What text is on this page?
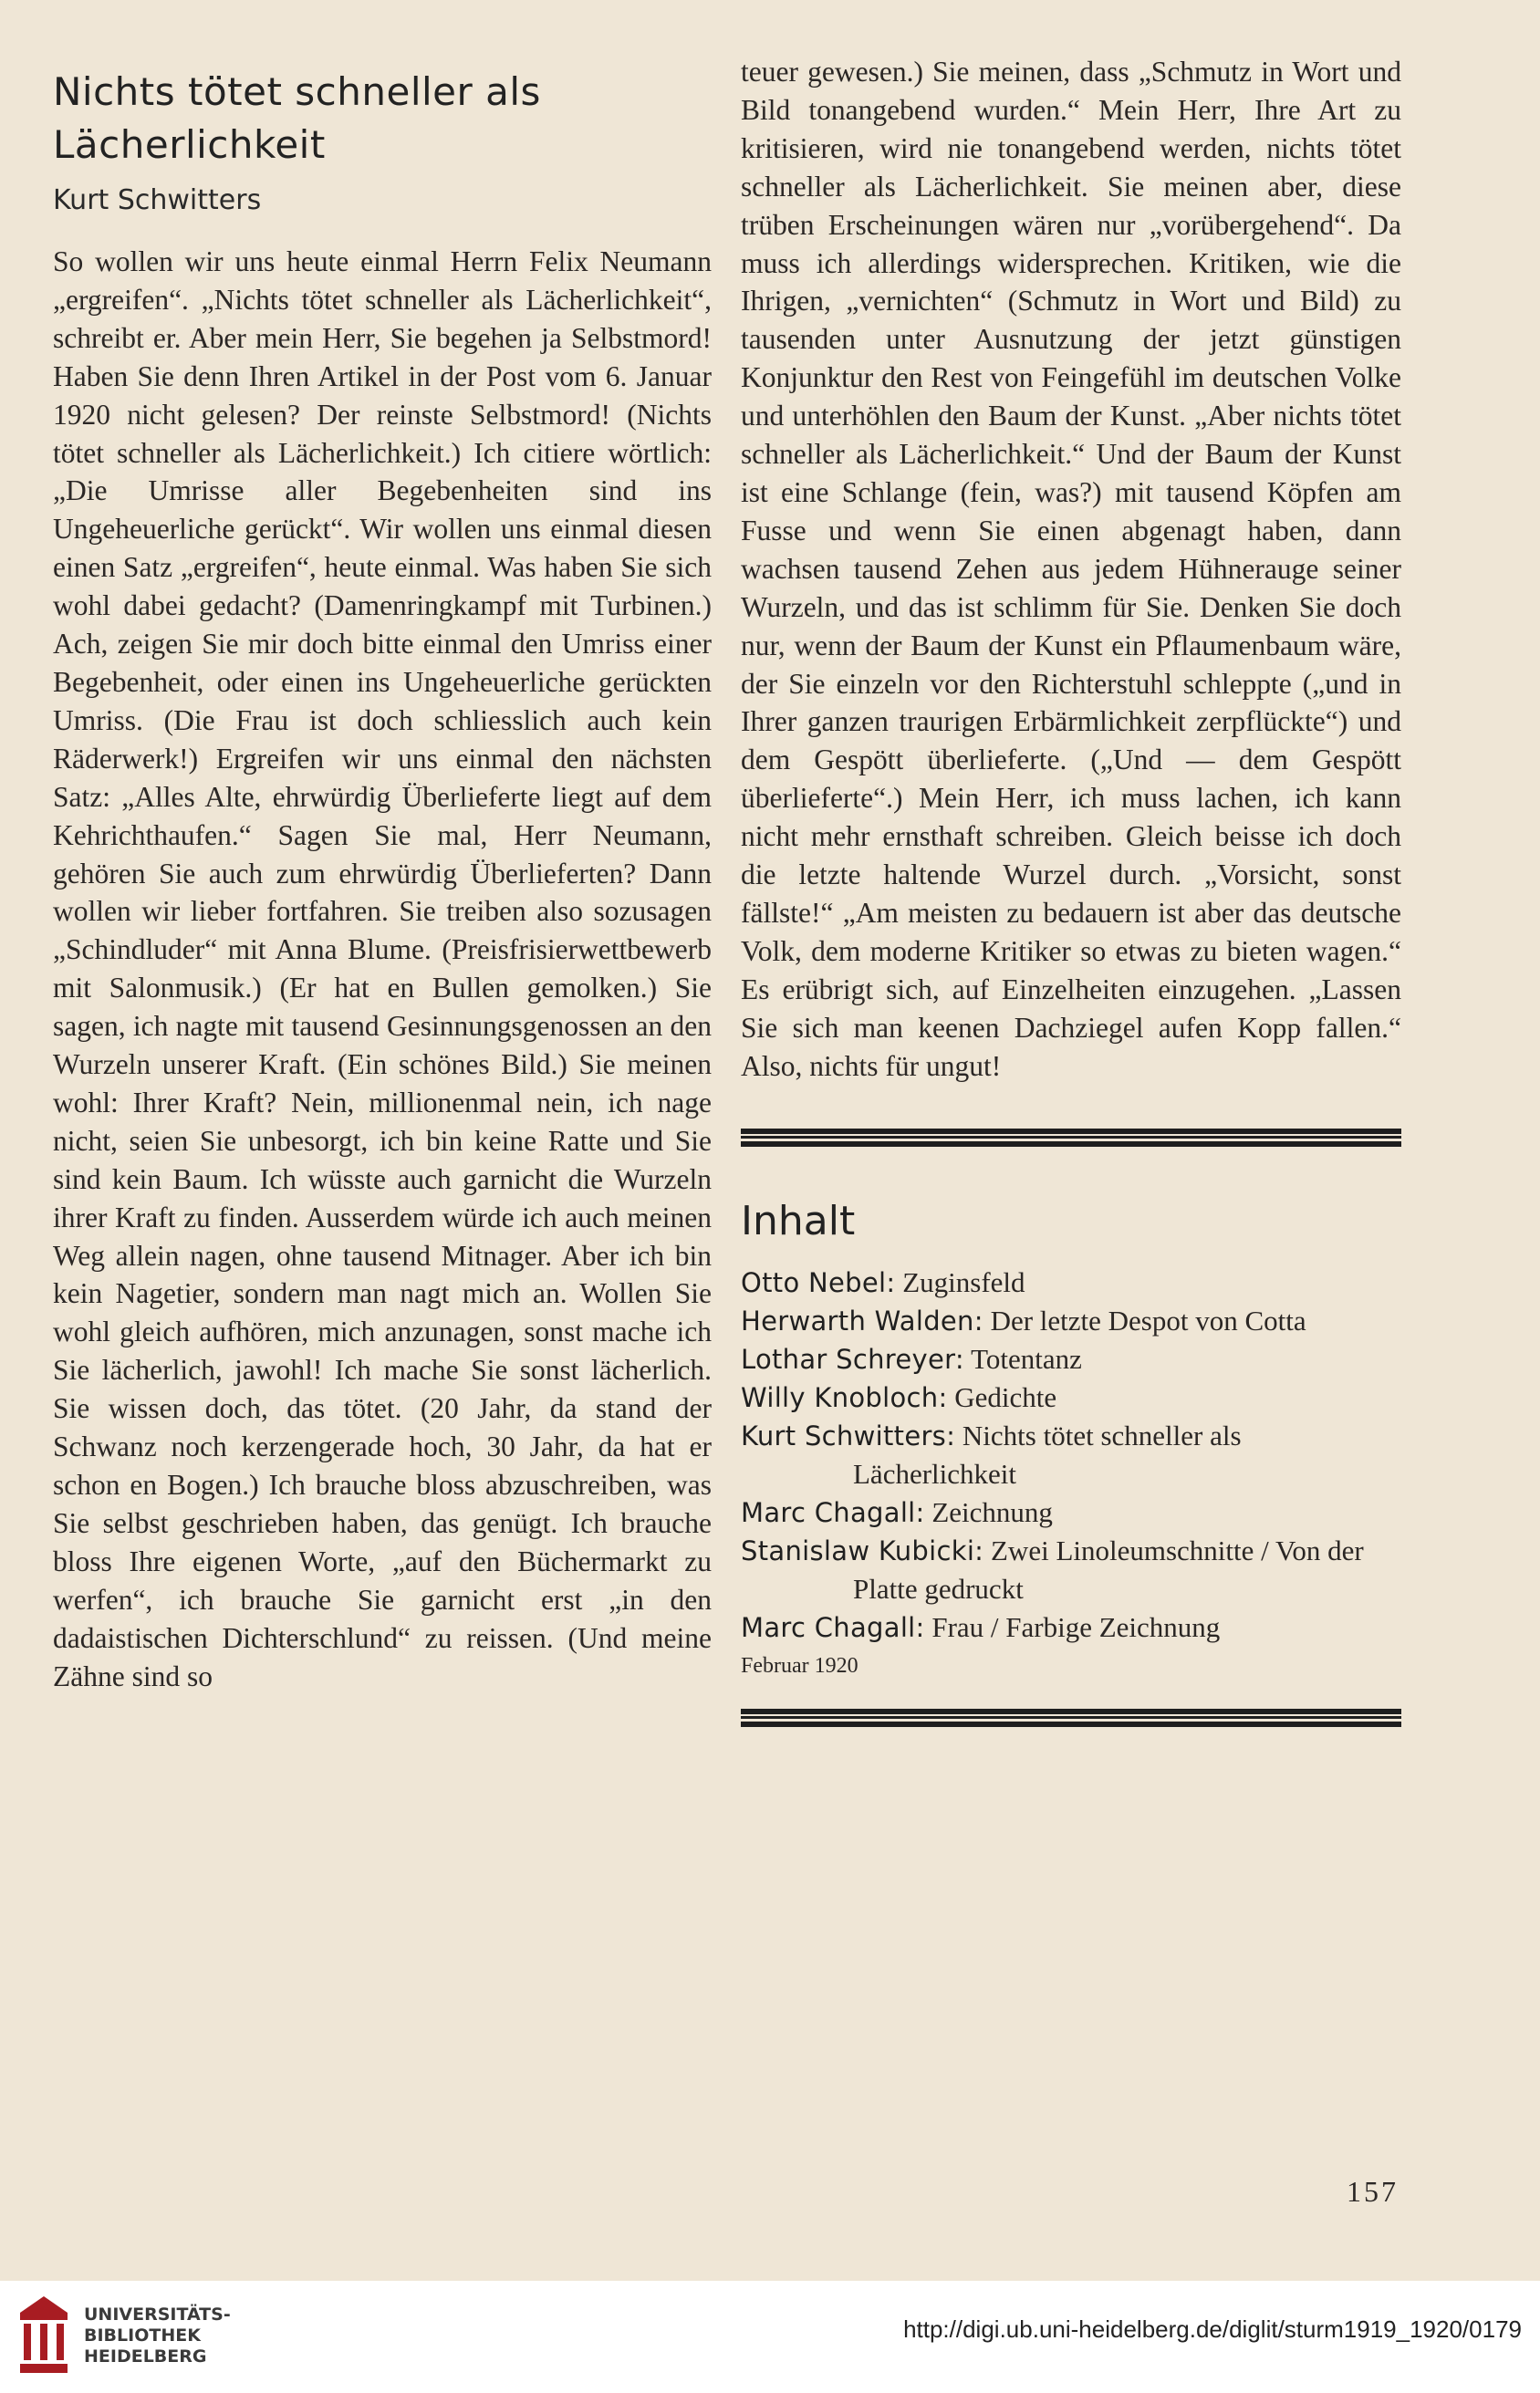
Nichts tötet schneller als Lächerlichkeit
Kurt Schwitters

So wollen wir uns heute einmal Herrn Felix Neumann „ergreifen“. „Nichts tötet schneller als Lächerlichkeit“, schreibt er. Aber mein Herr, Sie begehen ja Selbstmord! Haben Sie denn Ihren Artikel in der Post vom 6. Januar 1920 nicht gelesen? Der reinste Selbstmord! (Nichts tötet schneller als Lächerlichkeit.) Ich citiere wörtlich: „Die Umrisse aller Begebenheiten sind ins Ungeheuerliche gerückt“. Wir wollen uns einmal diesen einen Satz „ergreifen“, heute einmal. Was haben Sie sich wohl dabei gedacht? (Damenringkampf mit Turbinen.) Ach, zeigen Sie mir doch bitte einmal den Umriss einer Begebenheit, oder einen ins Ungeheuerliche gerückten Umriss. (Die Frau ist doch schliesslich auch kein Räderwerk!) Ergreifen wir uns einmal den nächsten Satz: „Alles Alte, ehrwürdig Überlieferte liegt auf dem Kehrichthaufen.“ Sagen Sie mal, Herr Neumann, gehören Sie auch zum ehrwürdig Überlieferten? Dann wollen wir lieber fortfahren. Sie treiben also sozusagen „Schindluder“ mit Anna Blume. (Preisfrisierwettbewerb mit Salonmusik.) (Er hat en Bullen gemolken.) Sie sagen, ich nagte mit tausend Gesinnungsgenossen an den Wurzeln unserer Kraft. (Ein schönes Bild.) Sie meinen wohl: Ihrer Kraft? Nein, millionenmal nein, ich nage nicht, seien Sie unbesorgt, ich bin keine Ratte und Sie sind kein Baum. Ich wüsste auch garnicht die Wurzeln ihrer Kraft zu finden. Ausserdem würde ich auch meinen Weg allein nagen, ohne tausend Mitnager. Aber ich bin kein Nagetier, sondern man nagt mich an. Wollen Sie wohl gleich aufhören, mich anzunagen, sonst mache ich Sie lächerlich, jawohl! Ich mache Sie sonst lächerlich. Sie wissen doch, das tötet. (20 Jahr, da stand der Schwanz noch kerzengerade hoch, 30 Jahr, da hat er schon en Bogen.) Ich brauche bloss abzuschreiben, was Sie selbst geschrieben haben, das genügt. Ich brauche bloss Ihre eigenen Worte, „auf den Büchermarkt zu werfen“, ich brauche Sie garnicht erst „in den dadaistischen Dichterschlund“ zu reissen. (Und meine Zähne sind so

teuer gewesen.) Sie meinen, dass „Schmutz in Wort und Bild tonangebend wurden.“ Mein Herr, Ihre Art zu kritisieren, wird nie tonangebend werden, nichts tötet schneller als Lächerlichkeit. Sie meinen aber, diese trüben Erscheinungen wären nur „vorübergehend“. Da muss ich allerdings widersprechen. Kritiken, wie die Ihrigen, „vernichten“ (Schmutz in Wort und Bild) zu tausenden unter Ausnutzung der jetzt günstigen Konjunktur den Rest von Feingefühl im deutschen Volke und unterhöhlen den Baum der Kunst. „Aber nichts tötet schneller als Lächerlichkeit.“ Und der Baum der Kunst ist eine Schlange (fein, was?) mit tausend Köpfen am Fusse und wenn Sie einen abgenagt haben, dann wachsen tausend Zehen aus jedem Hühnerauge seiner Wurzeln, und das ist schlimm für Sie. Denken Sie doch nur, wenn der Baum der Kunst ein Pflaumenbaum wäre, der Sie einzeln vor den Richterstuhl schleppte („und in Ihrer ganzen traurigen Erbärmlichkeit zerpflückte“) und dem Gespött überlieferte. („Und — dem Gespött überlieferte“.) Mein Herr, ich muss lachen, ich kann nicht mehr ernsthaft schreiben. Gleich beisse ich doch die letzte haltende Wurzel durch. „Vorsicht, sonst fällste!“ „Am meisten zu bedauern ist aber das deutsche Volk, dem moderne Kritiker so etwas zu bieten wagen.“ Es erübrigt sich, auf Einzelheiten einzugehen. „Lassen Sie sich man keenen Dachziegel aufen Kopp fallen.“ Also, nichts für ungut!

Inhalt
Otto Nebel: Zuginsfeld
Herwarth Walden: Der letzte Despot von Cotta
Lothar Schreyer: Totentanz
Willy Knobloch: Gedichte
Kurt Schwitters: Nichts tötet schneller als Lächerlichkeit
Marc Chagall: Zeichnung
Stanislaw Kubicki: Zwei Linoleumschnitte / Von der Platte gedruckt
Marc Chagall: Frau / Farbige Zeichnung
Februar 1920
157
UNIVERSITÄTS-
BIBLIOTHEK
HEIDELBERG
http://digi.ub.uni-heidelberg.de/diglit/sturm1919_1920/0179
